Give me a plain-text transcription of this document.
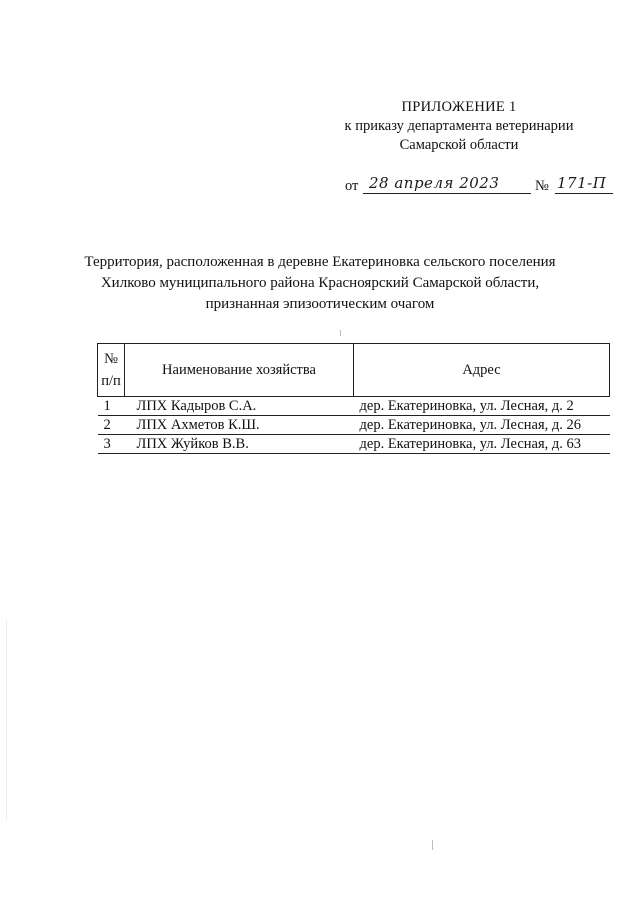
ПРИЛОЖЕНИЕ 1
к приказу департамента ветеринарии
Самарской области
от 28 апреля 2023 № 171-П
Территория, расположенная в деревне Екатериновка сельского поселения
Хилково муниципального района Красноярский Самарской области,
признанная эпизоотическим очагом
№
п/п	Наименование хозяйства	Адрес
1	ЛПХ Кадыров С.А.	дер. Екатериновка, ул. Лесная, д. 2
2	ЛПХ Ахметов К.Ш.	дер. Екатериновка, ул. Лесная, д. 26
3	ЛПХ Жуйков В.В.	дер. Екатериновка, ул. Лесная, д. 63
